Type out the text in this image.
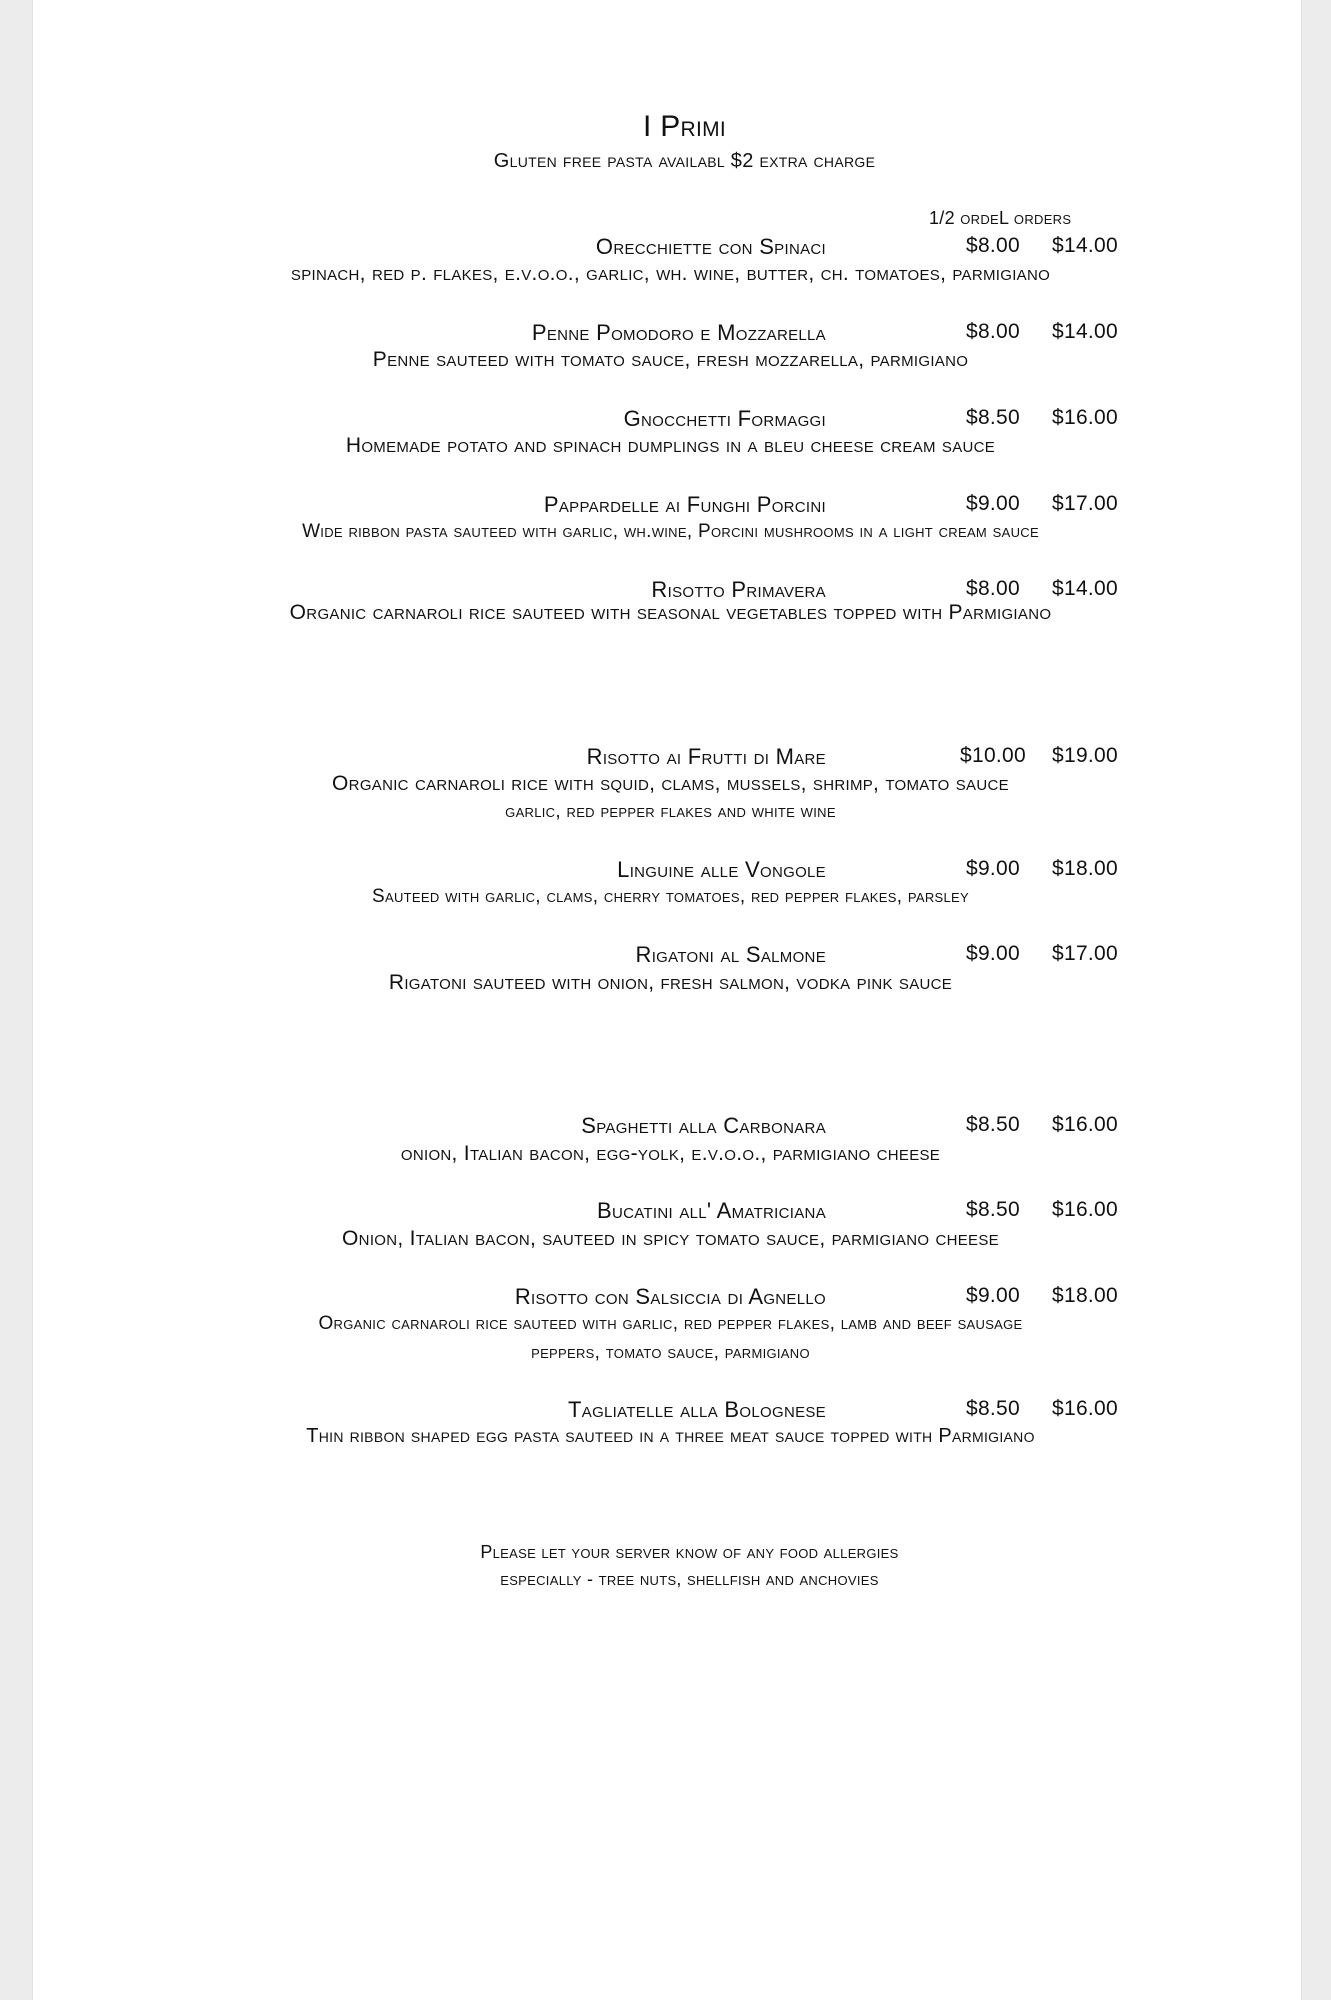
I Primi
Gluten free pasta availabl $2 extra charge
1/2 ordeL orders
Orecchiette con Spinaci	$8.00	$14.00
spinach, red p. flakes, e.v.o.o., garlic, wh. wine, butter, ch. tomatoes, parmigiano
Penne Pomodoro e Mozzarella	$8.00	$14.00
Penne sauteed with tomato sauce, fresh mozzarella, parmigiano
Gnocchetti Formaggi	$8.50	$16.00
Homemade potato and spinach dumplings in a bleu cheese cream sauce
Pappardelle ai Funghi Porcini	$9.00	$17.00
Wide ribbon pasta sauteed with garlic, wh.wine, Porcini mushrooms in a light cream sauce
Risotto Primavera	$8.00	$14.00
Organic carnaroli rice sauteed with seasonal vegetables topped with Parmigiano
Risotto ai Frutti di Mare	$10.00	$19.00
Organic carnaroli rice with squid, clams, mussels, shrimp, tomato sauce
garlic, red pepper flakes and white wine
Linguine alle Vongole	$9.00	$18.00
Sauteed with garlic, clams, cherry tomatoes, red pepper flakes, parsley
Rigatoni al Salmone	$9.00	$17.00
Rigatoni sauteed with onion, fresh salmon, vodka pink sauce
Spaghetti alla Carbonara	$8.50	$16.00
onion, Italian bacon, egg-yolk, e.v.o.o., parmigiano cheese
Bucatini all' Amatriciana	$8.50	$16.00
Onion, Italian bacon, sauteed in spicy tomato sauce, parmigiano cheese
Risotto con Salsiccia di Agnello	$9.00	$18.00
Organic carnaroli rice sauteed with garlic, red pepper flakes, lamb and beef sausage
peppers, tomato sauce, parmigiano
Tagliatelle alla Bolognese	$8.50	$16.00
Thin ribbon shaped egg pasta sauteed in a three meat sauce topped with Parmigiano
Please let your server know of any food allergies
especially - tree nuts, shellfish and anchovies
